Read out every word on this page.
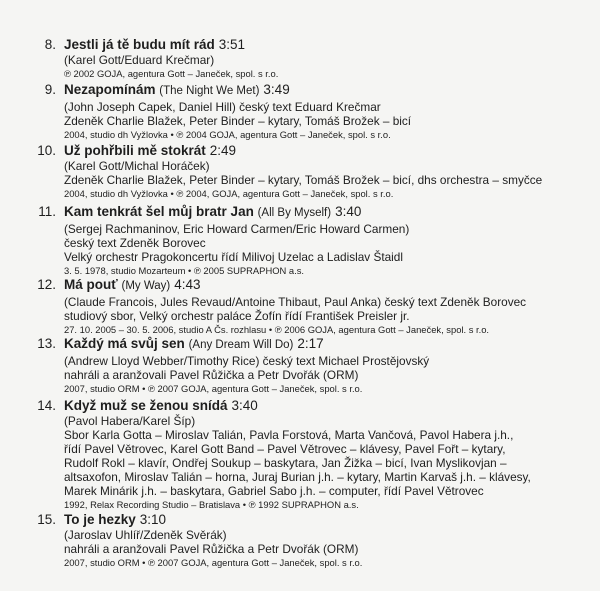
8. Jestli já tě budu mít rád 3:51
(Karel Gott/Eduard Krečmar)
℗ 2002 GOJA, agentura Gott – Janeček, spol. s r.o.
9. Nezapomínám (The Night We Met) 3:49
(John Joseph Capek, Daniel Hill) český text Eduard Krečmar
Zdeněk Charlie Blažek, Peter Binder – kytary, Tomáš Brožek – bicí
2004, studio dh Vyžlovka • ℗ 2004 GOJA, agentura Gott – Janeček, spol. s r.o.
10. Už pohřbili mě stokrát 2:49
(Karel Gott/Michal Horáček)
Zdeněk Charlie Blažek, Peter Binder – kytary, Tomáš Brožek – bicí, dhs orchestra – smyčce
2004, studio dh Vyžlovka • ℗ 2004, GOJA, agentura Gott – Janeček, spol. s r.o.
11. Kam tenkrát šel můj bratr Jan (All By Myself) 3:40
(Sergej Rachmaninov, Eric Howard Carmen/Eric Howard Carmen)
český text Zdeněk Borovec
Velký orchestr Pragokoncertu řídí Milivoj Uzelac a Ladislav Štaidl
3. 5. 1978, studio Mozarteum • ℗ 2005 SUPRAPHON a.s.
12. Má pouť (My Way) 4:43
(Claude Francois, Jules Revaud/Antoine Thibaut, Paul Anka) český text Zdeněk Borovec
studiový sbor, Velký orchestr paláce Žofín řídí František Preisler jr.
27. 10. 2005 – 30. 5. 2006, studio A Čs. rozhlasu • ℗ 2006 GOJA, agentura Gott – Janeček, spol. s r.o.
13. Každý má svůj sen (Any Dream Will Do) 2:17
(Andrew Lloyd Webber/Timothy Rice) český text Michael Prostějovský
nahráli a aranžovali Pavel Růžička a Petr Dvořák (ORM)
2007, studio ORM • ℗ 2007 GOJA, agentura Gott – Janeček, spol. s r.o.
14. Když muž se ženou snídá 3:40
(Pavol Habera/Karel Šíp)
Sbor Karla Gotta – Miroslav Talián, Pavla Forstová, Marta Vančová, Pavol Habera j.h.,
řídí Pavel Větrovec, Karel Gott Band – Pavel Větrovec – klávesy, Pavel Fořt – kytary,
Rudolf Rokl – klavír, Ondřej Soukup – baskytara, Jan Žižka – bicí, Ivan Myslikovjan –
altsaxofon, Miroslav Talián – horna, Juraj Burian j.h. – kytary, Martin Karvaš j.h. – klávesy,
Marek Minárik j.h. – baskytara, Gabriel Sabo j.h. – computer, řídí Pavel Větrovec
1992, Relax Recording Studio – Bratislava • ℗ 1992 SUPRAPHON a.s.
15. To je hezky 3:10
(Jaroslav Uhlíř/Zdeněk Svěrák)
nahráli a aranžovali Pavel Růžička a Petr Dvořák (ORM)
2007, studio ORM • ℗ 2007 GOJA, agentura Gott – Janeček, spol. s r.o.
